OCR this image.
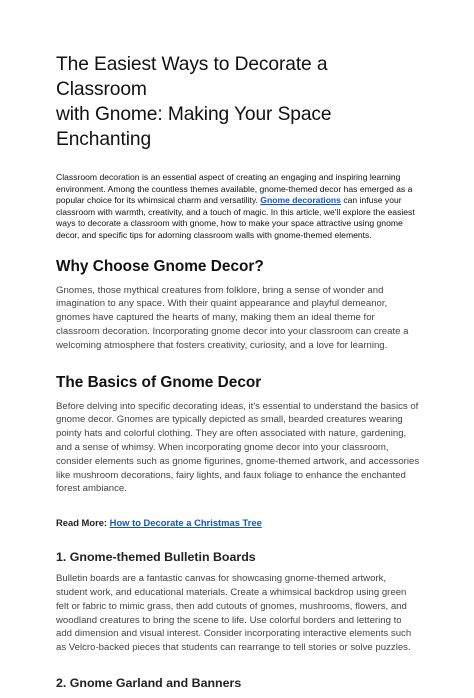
The Easiest Ways to Decorate a Classroom
with Gnome: Making Your Space Enchanting

Classroom decoration is an essential aspect of creating an engaging and inspiring learning environment. Among the countless themes available, gnome-themed decor has emerged as a popular choice for its whimsical charm and versatility. Gnome decorations can infuse your classroom with warmth, creativity, and a touch of magic. In this article, we'll explore the easiest ways to decorate a classroom with gnome, how to make your space attractive using gnome decor, and specific tips for adorning classroom walls with gnome-themed elements.

Why Choose Gnome Decor?

Gnomes, those mythical creatures from folklore, bring a sense of wonder and imagination to any space. With their quaint appearance and playful demeanor, gnomes have captured the hearts of many, making them an ideal theme for classroom decoration. Incorporating gnome decor into your classroom can create a welcoming atmosphere that fosters creativity, curiosity, and a love for learning.

The Basics of Gnome Decor

Before delving into specific decorating ideas, it's essential to understand the basics of gnome decor. Gnomes are typically depicted as small, bearded creatures wearing pointy hats and colorful clothing. They are often associated with nature, gardening, and a sense of whimsy. When incorporating gnome decor into your classroom, consider elements such as gnome figurines, gnome-themed artwork, and accessories like mushroom decorations, fairy lights, and faux foliage to enhance the enchanted forest ambiance.

Read More: How to Decorate a Christmas Tree

1. Gnome-themed Bulletin Boards

Bulletin boards are a fantastic canvas for showcasing gnome-themed artwork, student work, and educational materials. Create a whimsical backdrop using green felt or fabric to mimic grass, then add cutouts of gnomes, mushrooms, flowers, and woodland creatures to bring the scene to life. Use colorful borders and lettering to add dimension and visual interest. Consider incorporating interactive elements such as Velcro-backed pieces that students can rearrange to tell stories or solve puzzles.

2. Gnome Garland and Banners
